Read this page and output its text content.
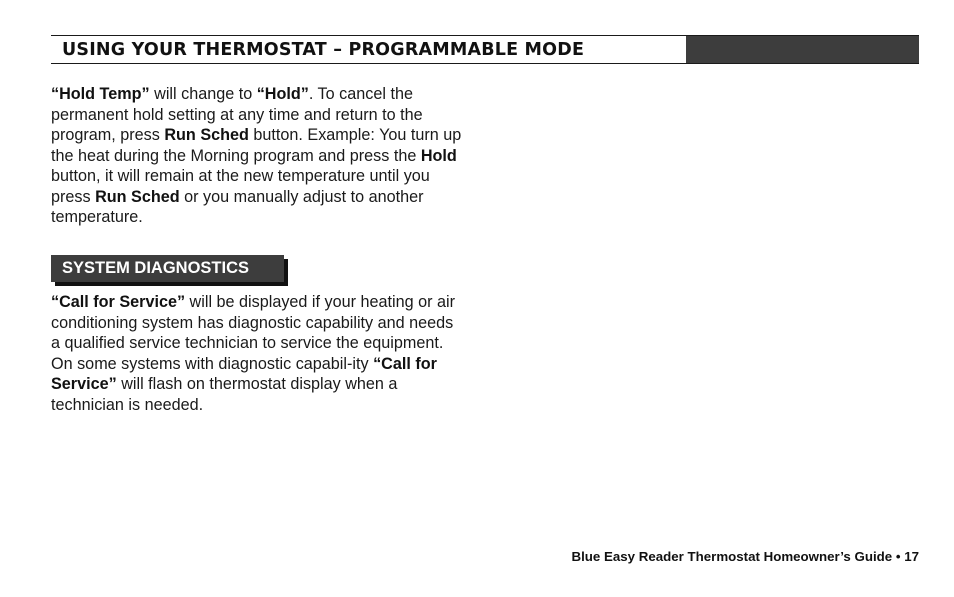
USING YOUR THERMOSTAT – PROGRAMMABLE MODE

“Hold Temp” will change to “Hold”. To cancel the permanent hold setting at any time and return to the program, press Run Sched button. Example: You turn up the heat during the Morning program and press the Hold button, it will remain at the new temperature until you press Run Sched or you manually adjust to another temperature.

SYSTEM DIAGNOSTICS

“Call for Service” will be displayed if your heating or air conditioning system has diagnostic capability and needs a qualified service technician to service the equipment. On some systems with diagnostic capabil-ity “Call for Service” will flash on thermostat display when a technician is needed.

Blue Easy Reader Thermostat Homeowner’s Guide • 17
